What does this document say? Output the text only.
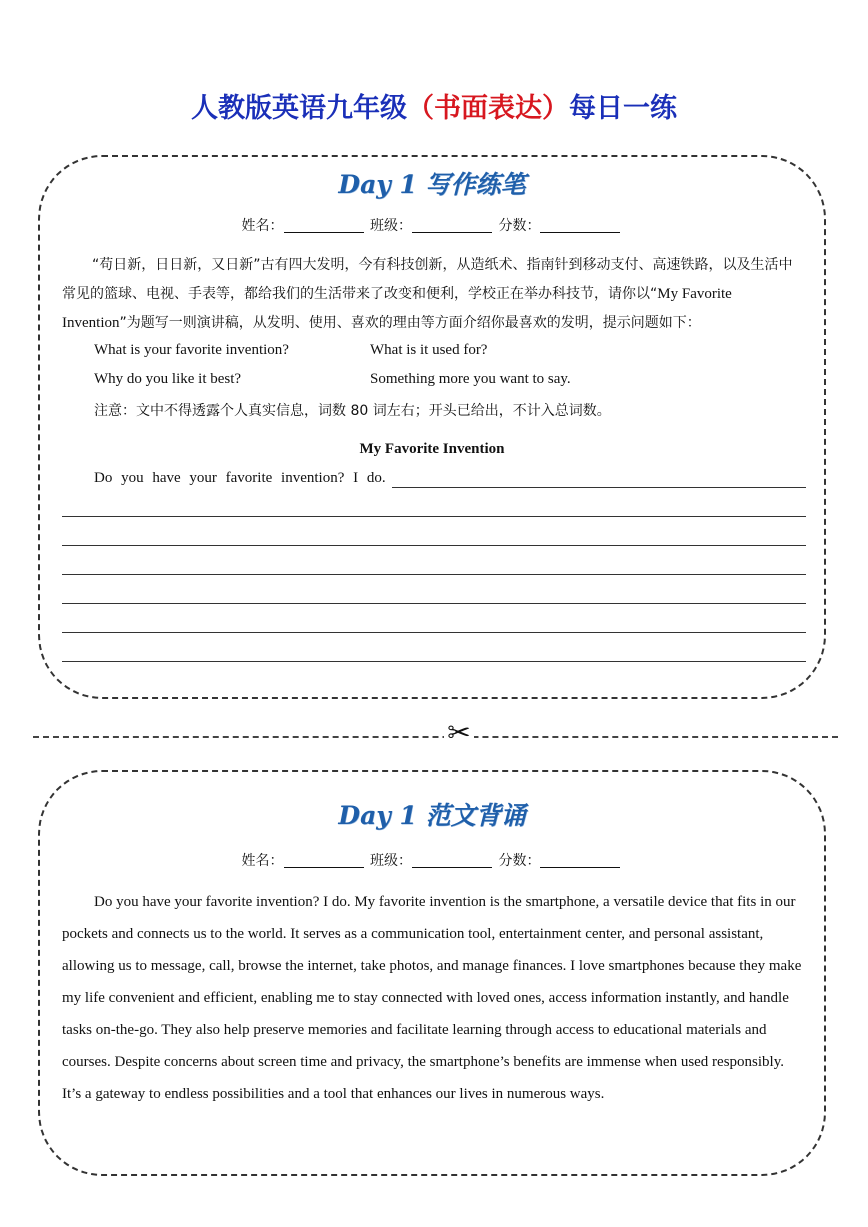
人教版英语九年级（书面表达）每日一练
Day 1 写作练笔
姓名：	班级：	分数：
“苟日新，日日新，又日新”古有四大发明，今有科技创新，从造纸术、指南针到移动支付、高速铁路，以及生活中常见的篮球、电视、手表等，都给我们的生活带来了改变和便利，学校正在举办科技节，请你以“My Favorite Invention”为题写一则演讲稿，从发明、使用、喜欢的理由等方面介绍你最喜欢的发明，提示问题如下：
What is your favorite invention?	What is it used for?
Why do you like it best?	Something more you want to say.
注意：文中不得透露个人真实信息，词数 80 词左右；开头已给出，不计入总词数。
My Favorite Invention
Do you have your favorite invention? I do.
✂
Day 1 范文背诵
姓名：	班级：	分数：
Do you have your favorite invention? I do. My favorite invention is the smartphone, a versatile device that fits in our pockets and connects us to the world. It serves as a communication tool, entertainment center, and personal assistant, allowing us to message, call, browse the internet, take photos, and manage finances. I love smartphones because they make my life convenient and efficient, enabling me to stay connected with loved ones, access information instantly, and handle tasks on-the-go. They also help preserve memories and facilitate learning through access to educational materials and courses. Despite concerns about screen time and privacy, the smartphone’s benefits are immense when used responsibly. It’s a gateway to endless possibilities and a tool that enhances our lives in numerous ways.
